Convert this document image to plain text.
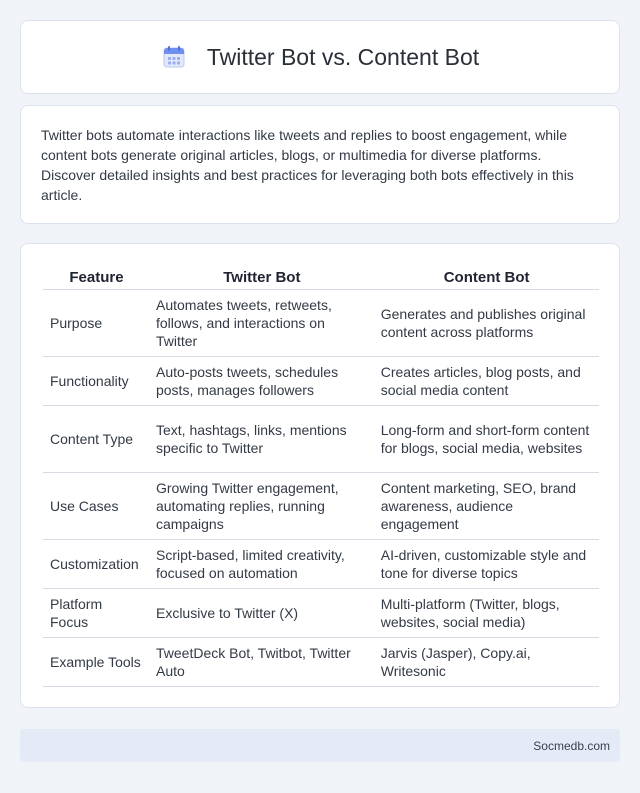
Twitter Bot vs. Content Bot

Twitter bots automate interactions like tweets and replies to boost engagement, while content bots generate original articles, blogs, or multimedia for diverse platforms. Discover detailed insights and best practices for leveraging both bots effectively in this article.

Feature	Twitter Bot	Content Bot
Purpose	Automates tweets, retweets, follows, and interactions on Twitter	Generates and publishes original content across platforms
Functionality	Auto-posts tweets, schedules posts, manages followers	Creates articles, blog posts, and social media content
Content Type	Text, hashtags, links, mentions specific to Twitter	Long-form and short-form content for blogs, social media, websites
Use Cases	Growing Twitter engagement, automating replies, running campaigns	Content marketing, SEO, brand awareness, audience engagement
Customization	Script-based, limited creativity, focused on automation	AI-driven, customizable style and tone for diverse topics
Platform Focus	Exclusive to Twitter (X)	Multi-platform (Twitter, blogs, websites, social media)
Example Tools	TweetDeck Bot, Twitbot, Twitter Auto	Jarvis (Jasper), Copy.ai, Writesonic
Socmedb.com
